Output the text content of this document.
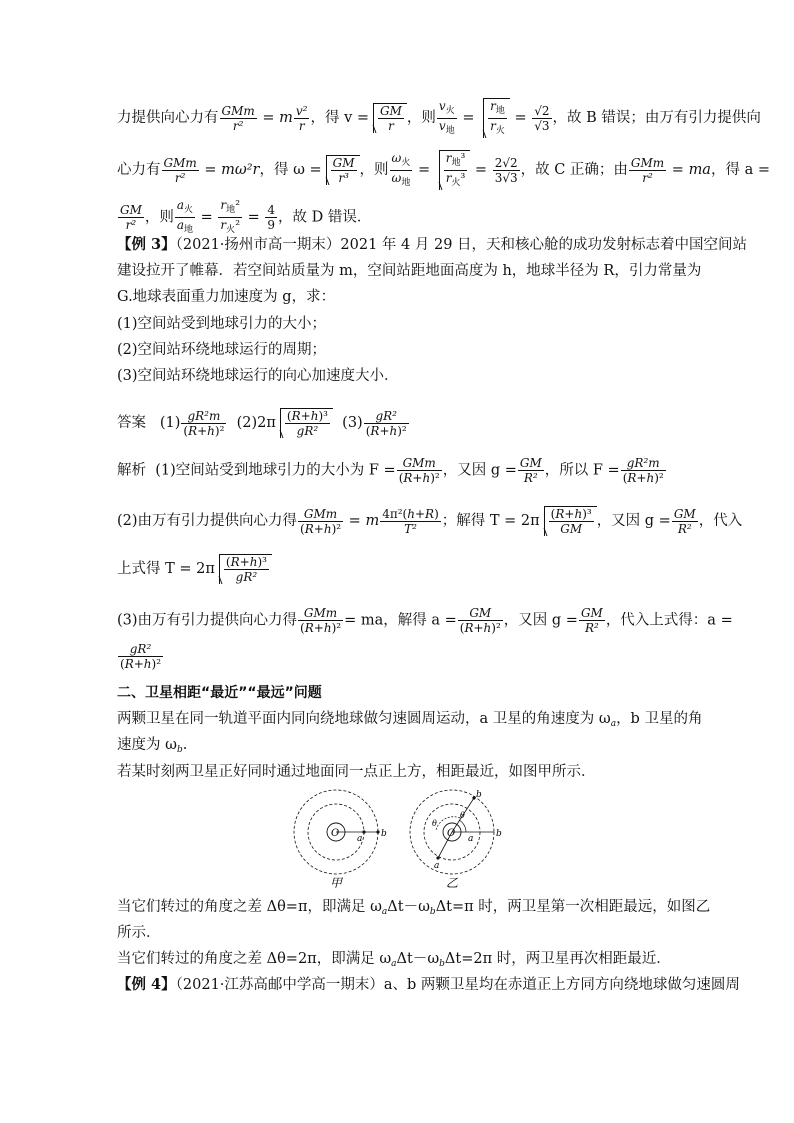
力提供向心力有 $\frac{\text{GMm}}{\text{r²}} = m \frac{\text{v²}}{r}$ ，得 $v = \frac{GM}{r}$ ，则 $\frac{v_火}{v_地} = \frac{r_地}{r_火} = \frac{√2}{√3}$ ，故 B 错误；由万有引力提供向
心力有 $\frac{\text{GMm}}{\text{r²}} = m\omega^2r$，得 $\omega = \frac{GM}{\text{r³}}$ ，则 $\frac{\omega_火}{\omega_地} = \frac{r_地^3}{r_火^3} = \frac{2√2}{3√3}$ ，故 C 正确；由 $\frac{\text{GMm}}{\text{r²}}$ = ma，得 a =
$\frac{GM}{\text{r²}}$ ，则 $\frac{a_火}{a_地} = \frac{r_地^2}{r_火^2} = \frac{4}{9}$ ，故 D 错误．
【例 3】（2021·扬州市高一期末）2021 年 4 月 29 日，天和核心舱的成功发射标志着中国空间站
建设拉开了帷幕．若空间站质量为 m，空间站距地面高度为 h，地球半径为 R，引力常量为
G.地球表面重力加速度为 g，求：
(1)空间站受到地球引力的大小；
(2)空间站环绕地球运行的周期；
(3)空间站环绕地球运行的向心加速度大小．
答案   $(1) \frac{\text{gR²m}}{\text{(R+h)²}} (2)2\pi \frac{\text{(R+h)³}}{\text{gR²}} (3) \frac{\text{gR²}}{\text{(R+h)²}}$
解析 (1)空间站受到地球引力的大小为 $F = \frac{\text{GMm}}{\text{(R+h)²}}$ ，又因 $g = \frac{GM}{\text{R²}}$ ，所以 $F = \frac{\text{gR²m}}{\text{(R+h)²}}$
(2)由万有引力提供向心力得 $\frac{\text{GMm}}{\text{(R+h)²}} = m \frac{\text{4π²(h+R)}}{\text{T²}}$ ；解得 $T = 2\pi \frac{\text{(R+h)³}}{GM}$ ，又因 $g = \frac{GM}{\text{R²}}$ ，代入
上式得 $T = 2\pi \frac{\text{(R+h)³}}{\text{gR²}}$
(3)由万有引力提供向心力得 $\frac{\text{GMm}}{\text{(R+h)²}}$ = ma，解得 $a = \frac{GM}{\text{(R+h)²}}$ ，又因 $g = \frac{GM}{\text{R²}}$ ，代入上式得：a =
$\frac{\text{gR²}}{\text{(R+h)²}}$
二、卫星相距“最近”“最远”问题
两颗卫星在同一轨道平面内同向绕地球做匀速圆周运动，a 卫星的角速度为 $\omega_a$，b 卫星的角
速度为 $\omega_b$.
若某时刻两卫星正好同时通过地面同一点正上方，相距最近，如图甲所示．
O a b	O
b
a
b
a
θ
θ
甲	乙
当它们转过的角度之差 Δθ=π，即满足 $\omega_a\Delta t-\omega_b\Delta t=\pi$ 时，两卫星第一次相距最远，如图乙
所示．
当它们转过的角度之差 Δθ=2π，即满足 $\omega_a\Delta t-\omega_b\Delta t=2\pi$ 时，两卫星再次相距最近．
【例 4】（2021·江苏高邮中学高一期末）a、b 两颗卫星均在赤道正上方同方向绕地球做匀速圆周
